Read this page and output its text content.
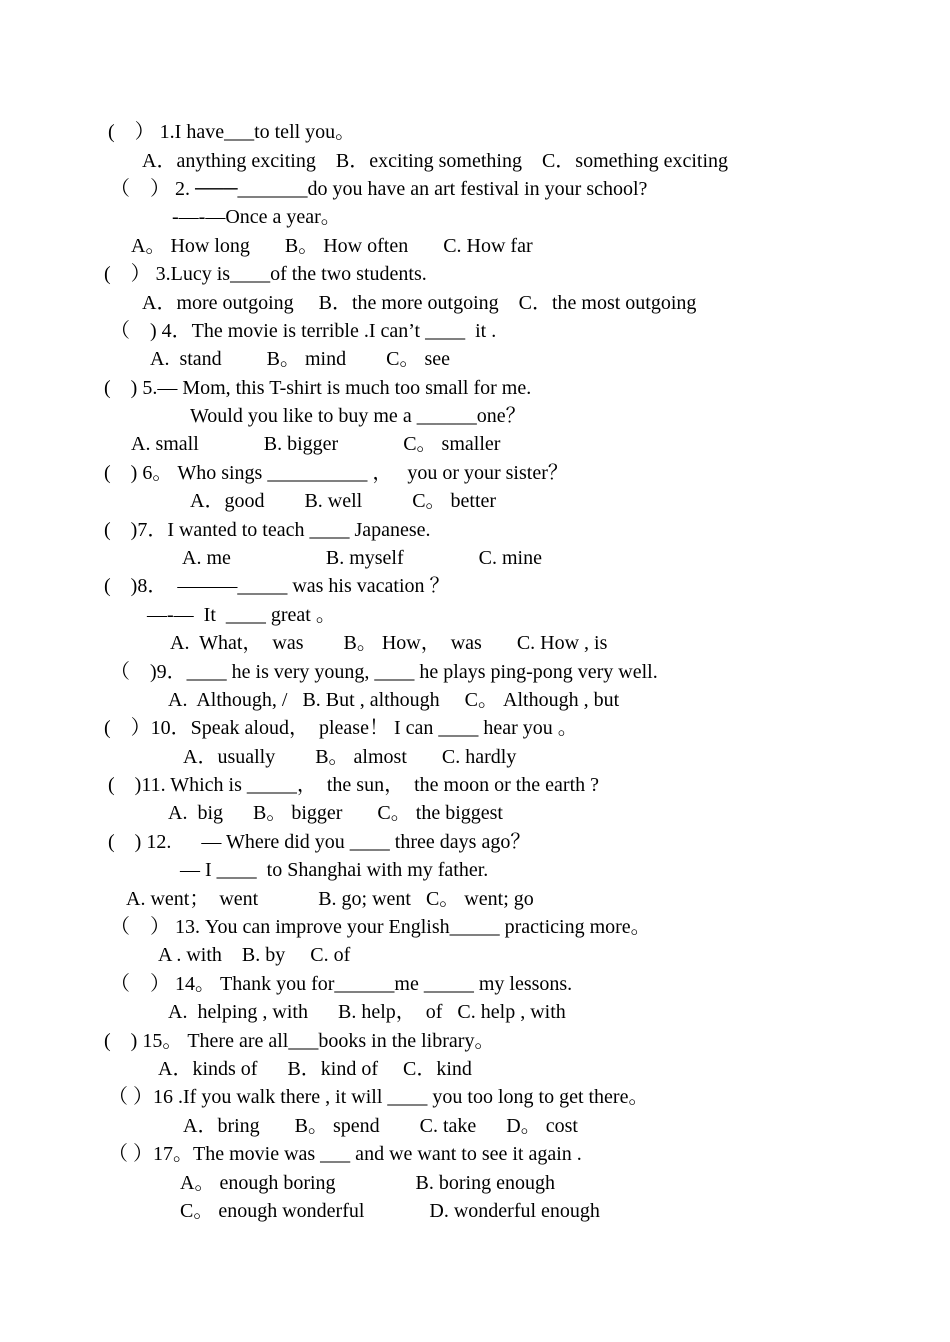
(    ） 1.I have___to tell you。
A．anything exciting    B．exciting something    C．something exciting
（    ） 2. ───_______do you have an art festival in your school?
-—-—Once a year。
A。 How long       B。 How often       C. How far
(    ） 3.Lucy is____of the two students.
A．more outgoing     B．the more outgoing    C．the most outgoing
（    ) 4．The movie is terrible .I can’t ____  it .
A.  stand         B。 mind        C。 see
(    ) 5.— Mom, this T-shirt is much too small for me.
Would you like to buy me a ______one？
A. small             B. bigger             C。 smaller
(    ) 6。 Who sings __________ ，   you or your sister？
A．good        B. well          C。 better
(    )7．I wanted to teach ____ Japanese.
A. me                   B. myself               C. mine
(    )8．  ———_____ was his vacation ？
—-—  It  ____ great 。
A.  What，  was        B。 How，  was       C. How , is
（    )9．____ he is very young, ____ he plays ping-pong very well.
A.  Although, /   B. But , although     C。 Although , but
(    ）10．Speak aloud，  please！ I can ____ hear you 。
A．usually        B。 almost       C. hardly
(    )11. Which is _____，  the sun，  the moon or the earth ?
A.  big      B。 bigger       C。 the biggest
(    ) 12.      — Where did you ____ three days ago？
— I ____  to Shanghai with my father.
A. went；  went            B. go; went   C。 went; go
（    ） 13. You can improve your English_____ practicing more。
A . with    B. by     C. of
（    ） 14。 Thank you for______me _____ my lessons.
A.  helping , with      B. help，  of   C. help , with
(    ) 15。 There are all___books in the library。
A．kinds of      B．kind of     C．kind
（ ）16 .If you walk there , it will ____ you too long to get there。
A．bring       B。 spend        C. take      D。 cost
（ ）17。The movie was ___ and we want to see it again .
A。 enough boring                B. boring enough
C。 enough wonderful             D. wonderful enough
